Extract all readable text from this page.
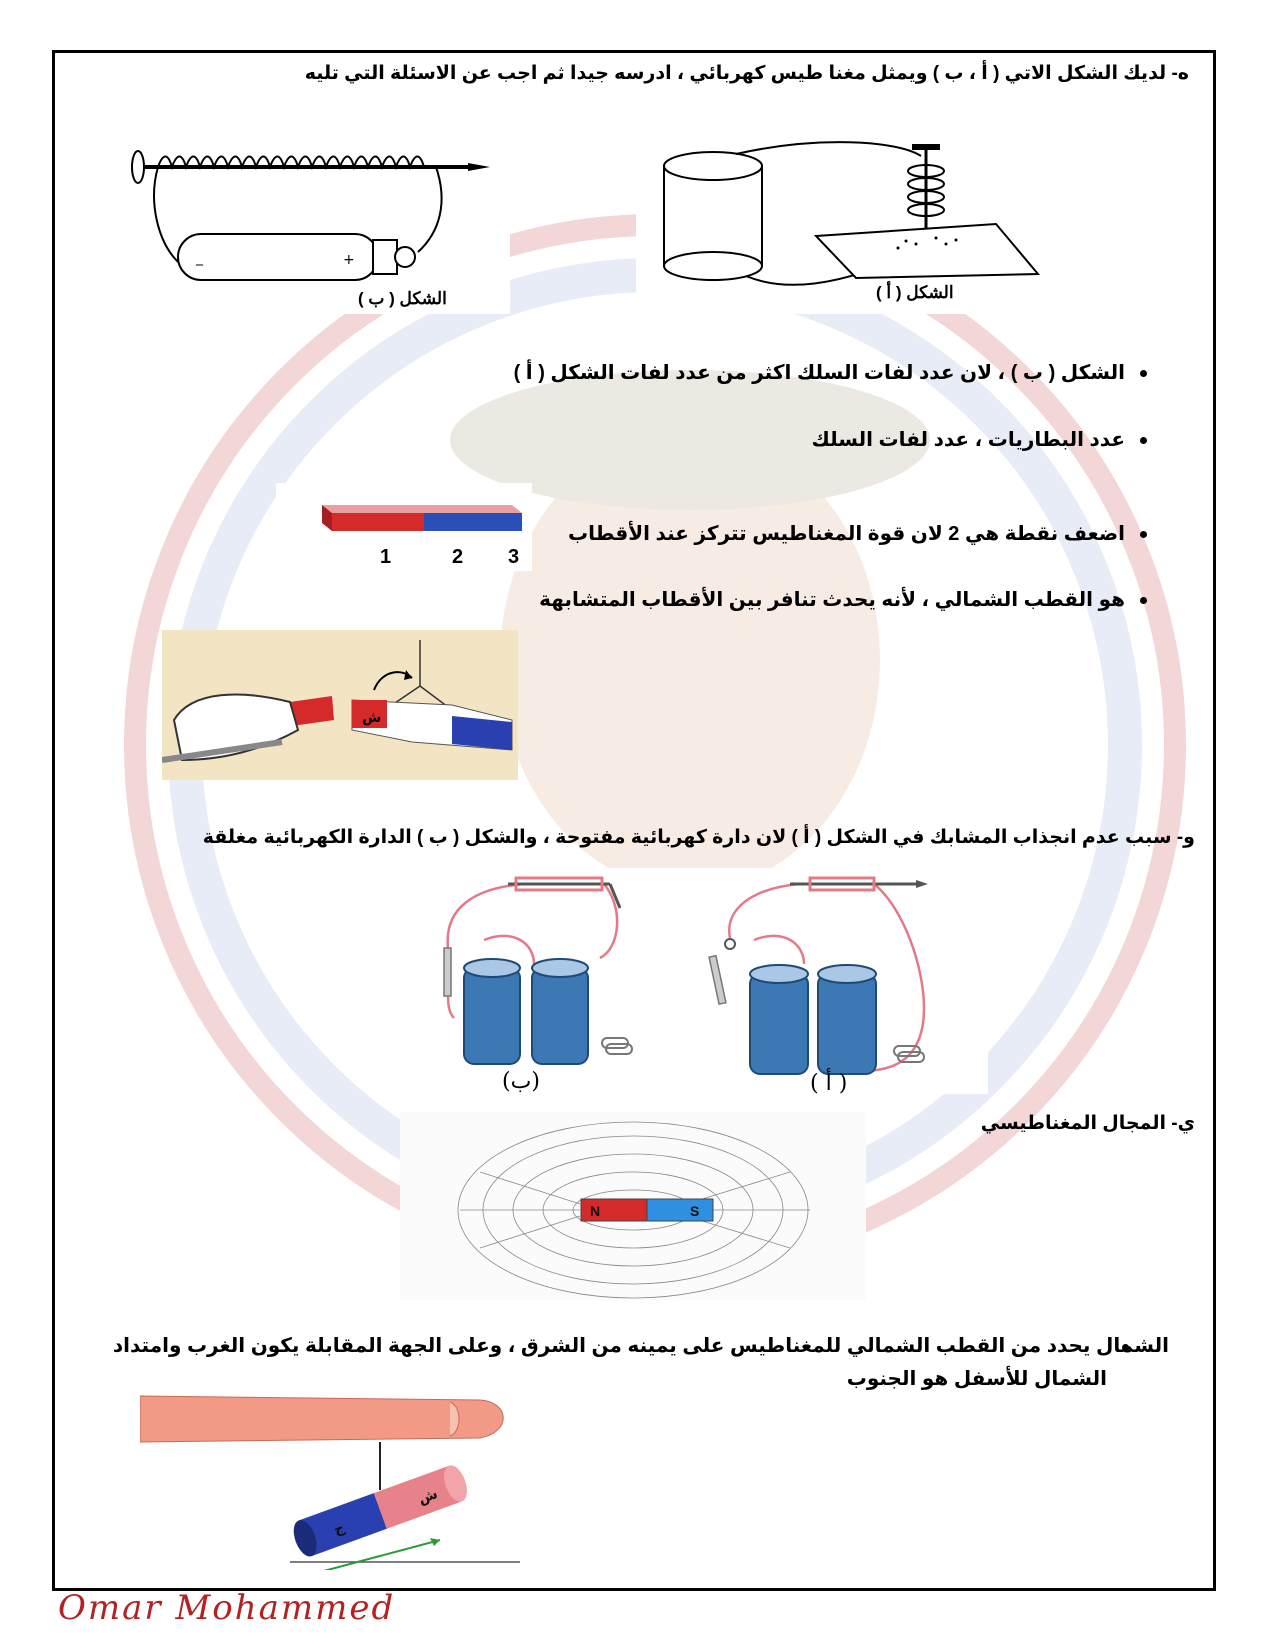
ه- لديك الشكل الاتي ( أ ، ب ) ويمثل مغنا طيس كهربائي ، ادرسه جيدا ثم اجب عن الاسئلة التي تليه
_	+
الشكل ( ب )	الشكل ( أ )
الشكل ( ب ) ، لان عدد لفات السلك اكثر من عدد لفات الشكل ( أ )
عدد البطاريات ، عدد لفات السلك
1	2 3
اضعف نقطة هي 2 لان قوة المغناطيس تتركز عند الأقطاب
هو القطب الشمالي ، لأنه يحدث تنافر بين الأقطاب المتشابهة
ش
و- سبب عدم انجذاب المشابك في الشكل ( أ ) لان دارة كهربائية مفتوحة ، والشكل ( ب ) الدارة الكهربائية مغلقة
(ب)	( أ )
ي- المجال المغناطيسي
N	S
الشمال يحدد من القطب الشمالي للمغناطيس على يمينه من الشرق ، وعلى الجهة المقابلة يكون الغرب وامتداد
الشمال للأسفل هو الجنوب
ج
ش
Omar Mohammed
